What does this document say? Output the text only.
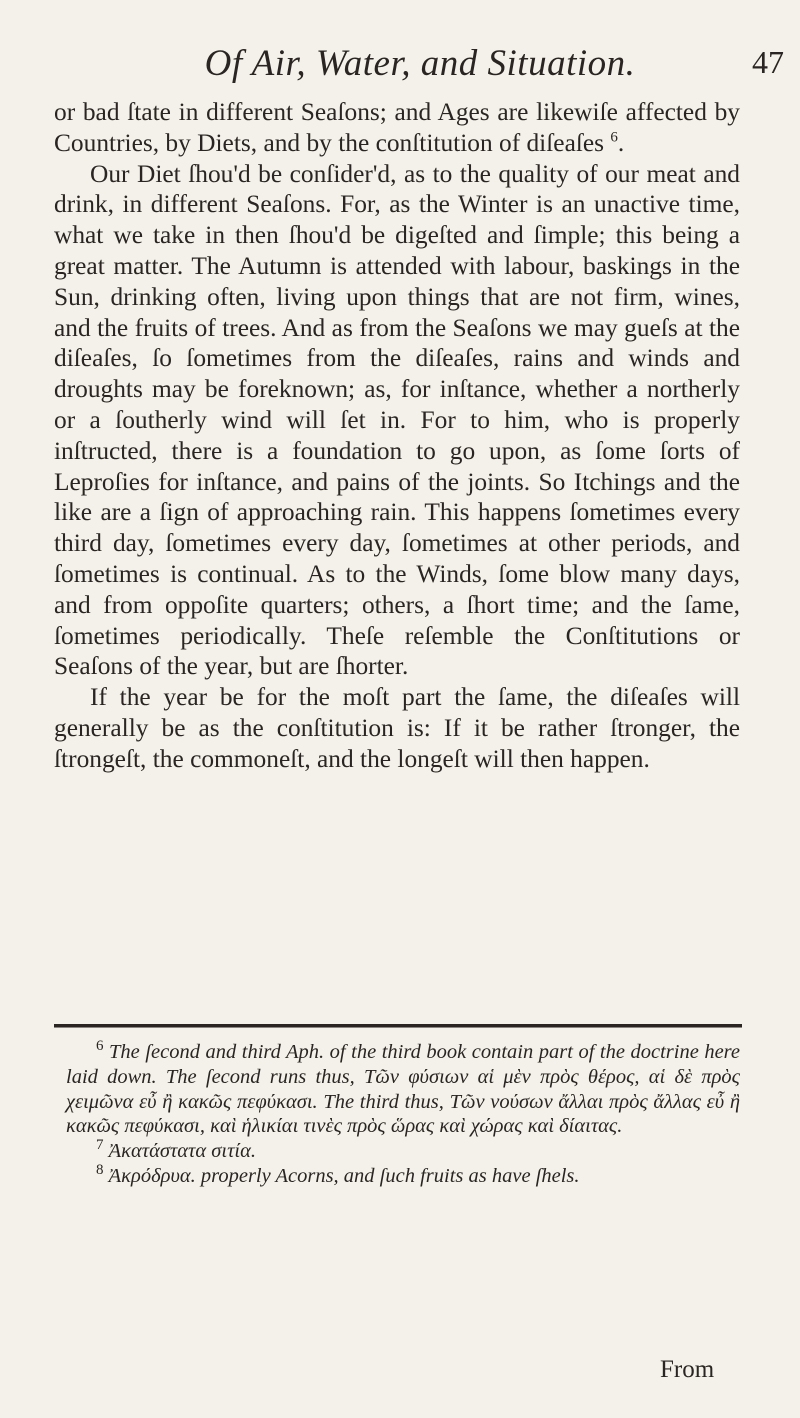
Of Air, Water, and Situation.	47

or bad ſtate in different Seaſons; and Ages are likewiſe affected by Countries, by Diets, and by the conſtitution of diſeaſes $^6$.

Our Diet ſhou'd be conſider'd, as to the quality of our meat and drink, in different Seaſons. For, as the Winter is an unactive time, what we take in then ſhou'd be digeſted and ſimple; this being a great matter. The Autumn is attended with labour, baskings in the Sun, drinking often, living upon things that are not firm, wines, and the fruits of trees. And as from the Seaſons we may gueſs at the diſeaſes, ſo ſometimes from the diſeaſes, rains and winds and droughts may be foreknown; as, for inſtance, whether a northerly or a ſoutherly wind will ſet in. For to him, who is properly inſtructed, there is a foundation to go upon, as ſome ſorts of Leproſies for inſtance, and pains of the joints. So Itchings and the like are a ſign of approaching rain. This happens ſometimes every third day, ſometimes every day, ſometimes at other periods, and ſometimes is continual. As to the Winds, ſome blow many days, and from oppoſite quarters; others, a ſhort time; and the ſame, ſometimes periodically. Theſe reſemble the Conſtitutions or Seaſons of the year, but are ſhorter.

If the year be for the moſt part the ſame, the diſeaſes will generally be as the conſtitution is: If it be rather ſtronger, the ſtrongeſt, the commoneſt, and the longeſt will then happen.

$^6$ The ſecond and third Aph. of the third book contain part of the doctrine here laid down. The ſecond runs thus, Τῶν φύσιων αἱ μὲν πρὸς θέρος, αἱ δὲ πρὸς χειμῶνα εὖ ἢ κακῶς πεφύκασι. The third thus, Τῶν νούσων ἄλλαι πρὸς ἄλλας εὖ ἢ κακῶς πεφύκασι, καὶ ἡλικίαι τινὲς πρὸς ὥρας καὶ χώρας καὶ δίαιτας.

$^7$ Ἀκατάστατα σιτία.

$^8$ Ἀκρόδρυα. properly Acorns, and ſuch fruits as have ſhels.

From
